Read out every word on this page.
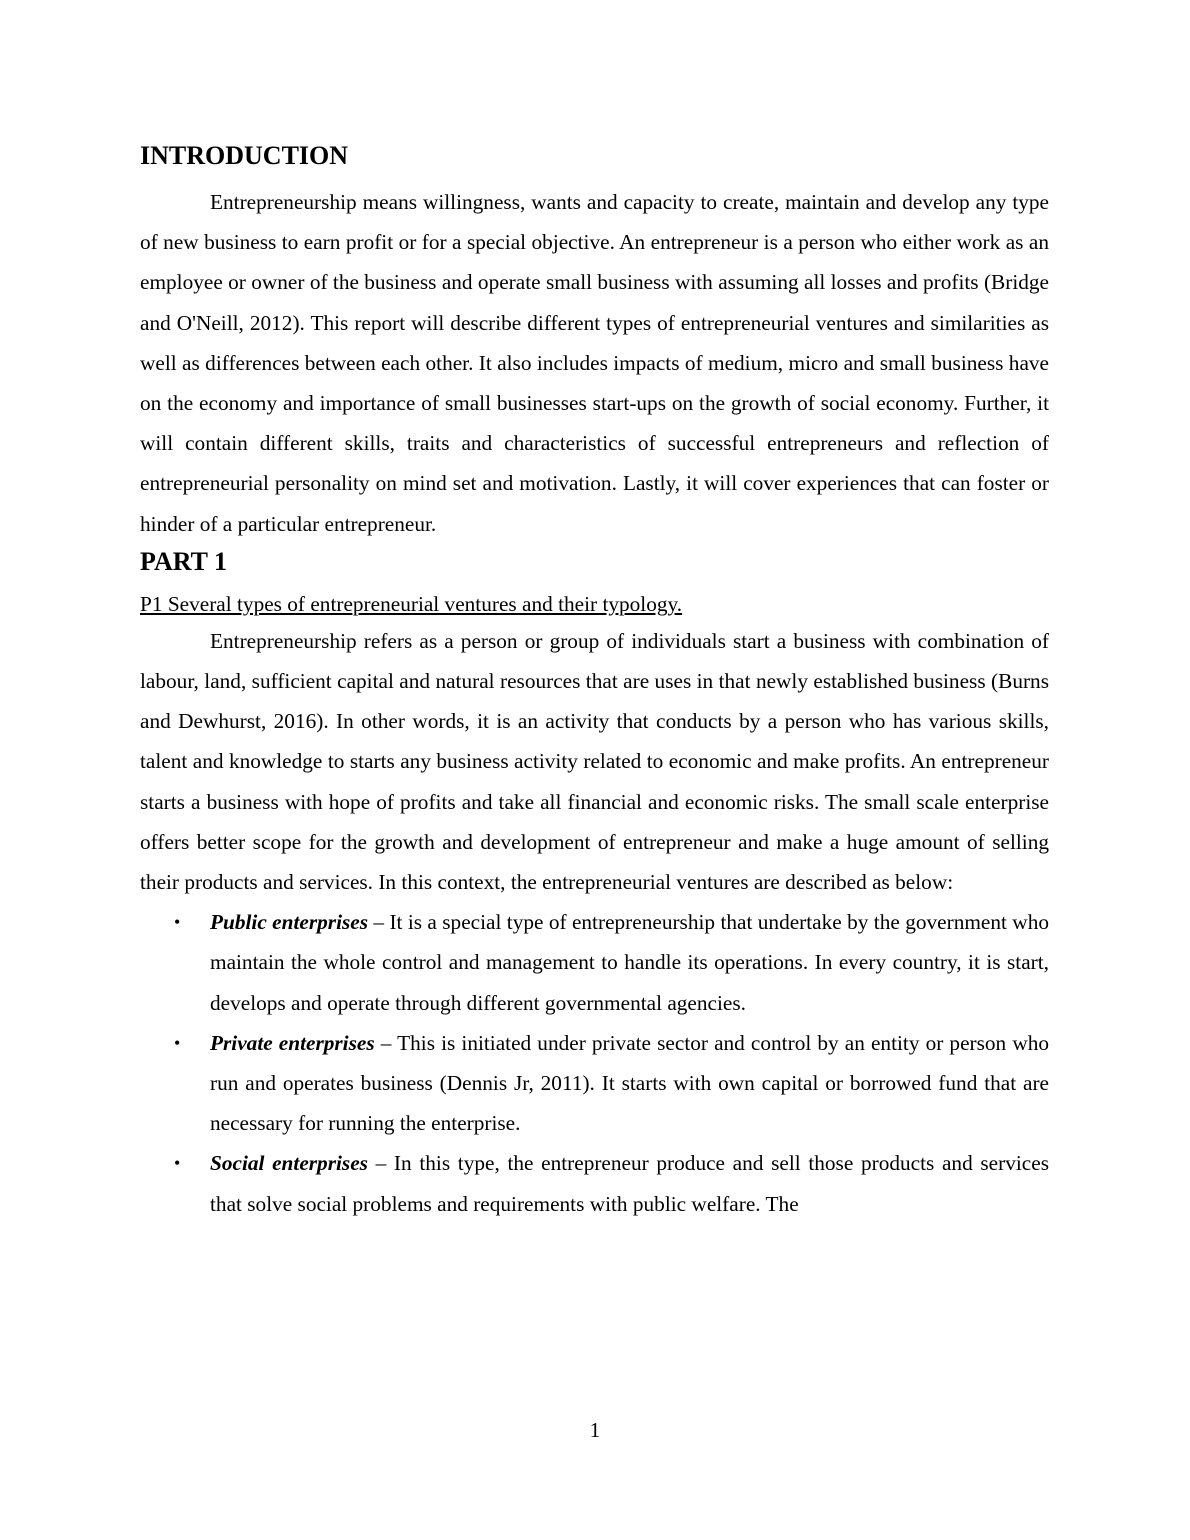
INTRODUCTION

Entrepreneurship means willingness, wants and capacity to create, maintain and develop any type of new business to earn profit or for a special objective. An entrepreneur is a person who either work as an employee or owner of the business and operate small business with assuming all losses and profits (Bridge and O'Neill, 2012). This report will describe different types of entrepreneurial ventures and similarities as well as differences between each other. It also includes impacts of medium, micro and small business have on the economy and importance of small businesses start-ups on the growth of social economy. Further, it will contain different skills, traits and characteristics of successful entrepreneurs and reflection of entrepreneurial personality on mind set and motivation. Lastly, it will cover experiences that can foster or hinder of a particular entrepreneur.

PART 1

P1 Several types of entrepreneurial ventures and their typology.

Entrepreneurship refers as a person or group of individuals start a business with combination of labour, land, sufficient capital and natural resources that are uses in that newly established business (Burns and Dewhurst, 2016). In other words, it is an activity that conducts by a person who has various skills, talent and knowledge to starts any business activity related to economic and make profits. An entrepreneur starts a business with hope of profits and take all financial and economic risks. The small scale enterprise offers better scope for the growth and development of entrepreneur and make a huge amount of selling their products and services. In this context, the entrepreneurial ventures are described as below:

• Public enterprises – It is a special type of entrepreneurship that undertake by the government who maintain the whole control and management to handle its operations. In every country, it is start, develops and operate through different governmental agencies.
• Private enterprises – This is initiated under private sector and control by an entity or person who run and operates business (Dennis Jr, 2011). It starts with own capital or borrowed fund that are necessary for running the enterprise.
• Social enterprises – In this type, the entrepreneur produce and sell those products and services that solve social problems and requirements with public welfare. The
1
